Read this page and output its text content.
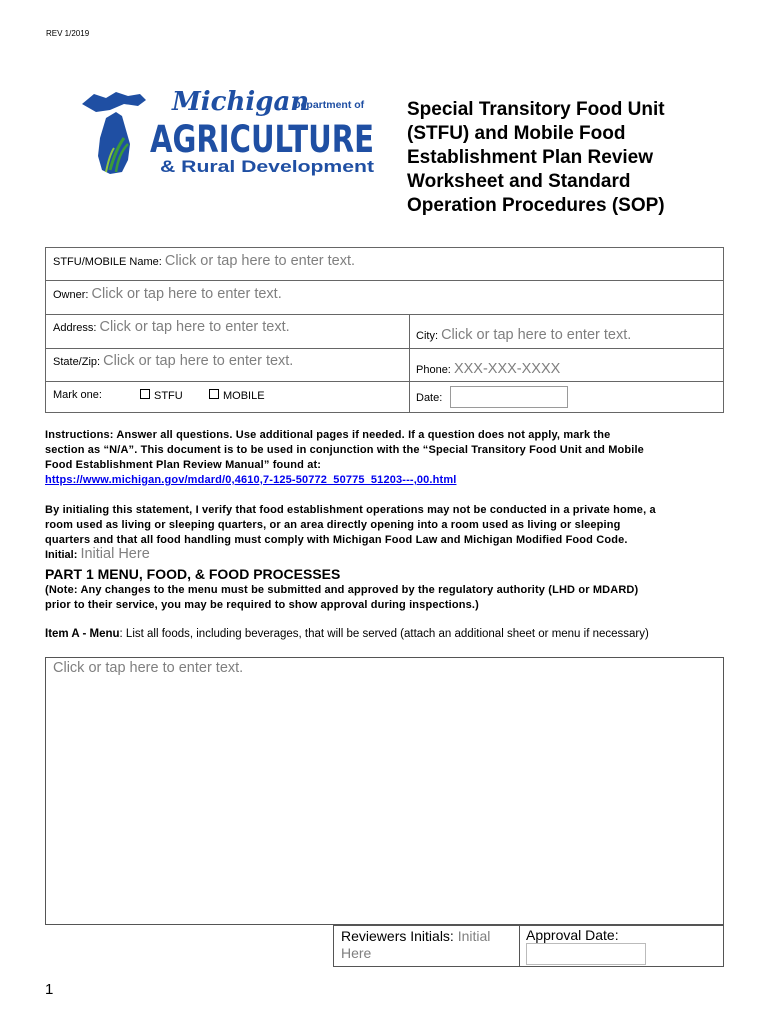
REV 1/2019
Michigan
Department of
AGRICULTURE
& Rural Development
Special Transitory Food Unit
(STFU) and Mobile Food
Establishment Plan Review
Worksheet and Standard
Operation Procedures (SOP)
STFU/MOBILE Name: Click or tap here to enter text.
Owner: Click or tap here to enter text.
Address: Click or tap here to enter text.
City: Click or tap here to enter text.
State/Zip: Click or tap here to enter text.
Phone: XXX-XXX-XXXX
Mark one:	STFU	MOBILE	Date:
Instructions: Answer all questions. Use additional pages if needed. If a question does not apply, mark the
section as “N/A”. This document is to be used in conjunction with the “Special Transitory Food Unit and Mobile
Food Establishment Plan Review Manual” found at:
https://www.michigan.gov/mdard/0,4610,7-125-50772_50775_51203---,00.html
By initialing this statement, I verify that food establishment operations may not be conducted in a private home, a
room used as living or sleeping quarters, or an area directly opening into a room used as living or sleeping
quarters and that all food handling must comply with Michigan Food Law and Michigan Modified Food Code.
Initial: Initial Here
PART 1 MENU, FOOD, & FOOD PROCESSES
(Note: Any changes to the menu must be submitted and approved by the regulatory authority (LHD or MDARD)
prior to their service, you may be required to show approval during inspections.)
Item A - Menu: List all foods, including beverages, that will be served (attach an additional sheet or menu if necessary)
Click or tap here to enter text.
Reviewers Initials: Initial
Here
Approval Date:
1
